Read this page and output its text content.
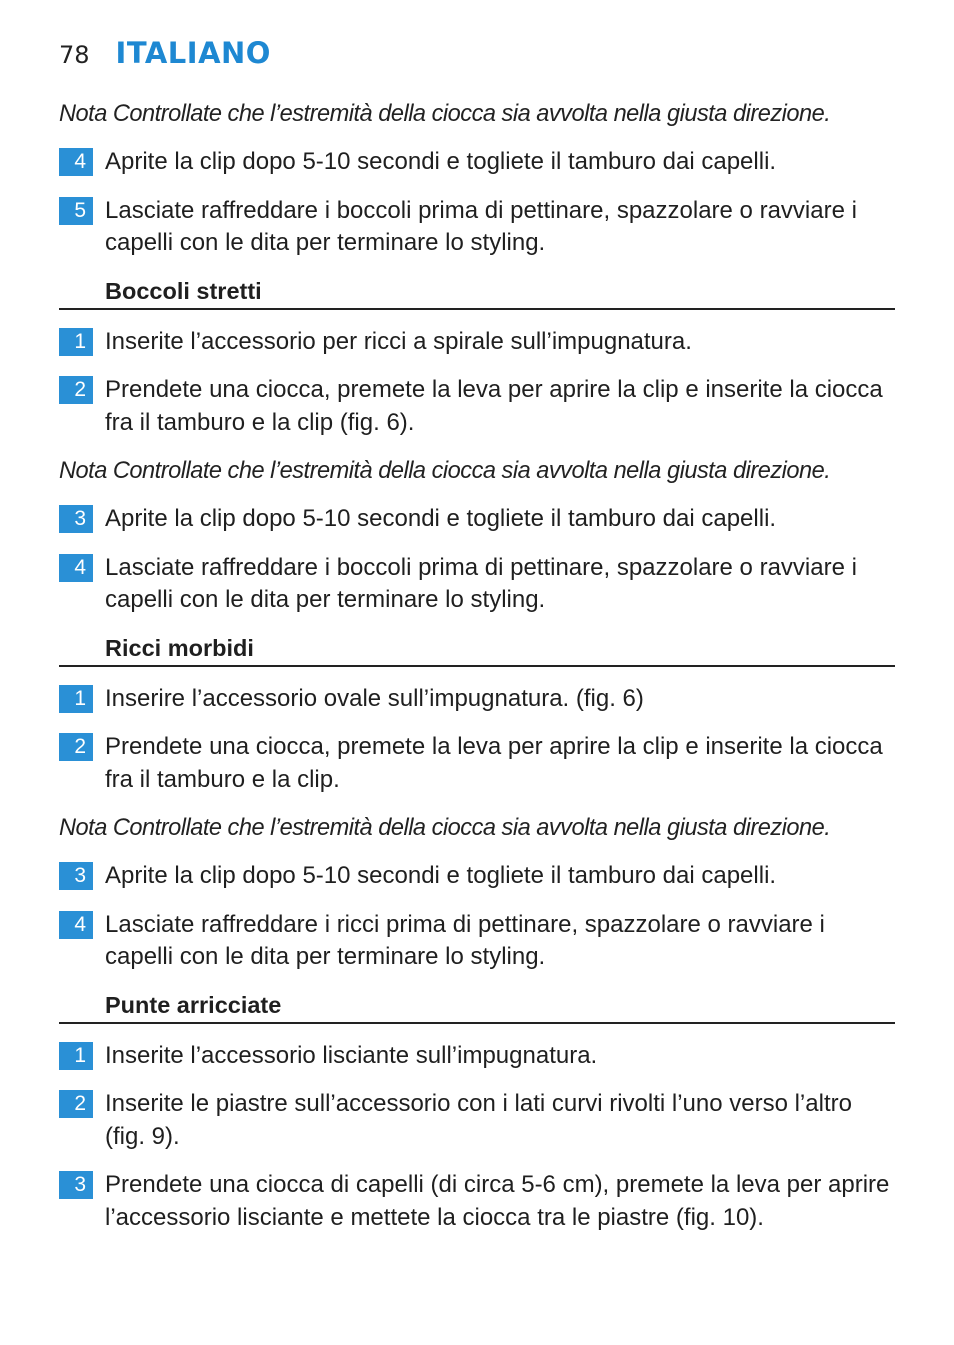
78 ITALIANO
Nota Controllate che l’estremità della ciocca sia avvolta nella giusta direzione.
4 Aprite la clip dopo 5-10 secondi e togliete il tamburo dai capelli.
5 Lasciate raffreddare i boccoli prima di pettinare, spazzolare o ravviare i capelli con le dita per terminare lo styling.
Boccoli stretti
1 Inserite l’accessorio per ricci a spirale sull’impugnatura.
2 Prendete una ciocca, premete la leva per aprire la clip e inserite la ciocca fra il tamburo e la clip (fig. 6).
Nota Controllate che l’estremità della ciocca sia avvolta nella giusta direzione.
3 Aprite la clip dopo 5-10 secondi e togliete il tamburo dai capelli.
4 Lasciate raffreddare i boccoli prima di pettinare, spazzolare o ravviare i capelli con le dita per terminare lo styling.
Ricci morbidi
1 Inserire l’accessorio ovale sull’impugnatura. (fig. 6)
2 Prendete una ciocca, premete la leva per aprire la clip e inserite la ciocca fra il tamburo e la clip.
Nota Controllate che l’estremità della ciocca sia avvolta nella giusta direzione.
3 Aprite la clip dopo 5-10 secondi e togliete il tamburo dai capelli.
4 Lasciate raffreddare i ricci prima di pettinare, spazzolare o ravviare i capelli con le dita per terminare lo styling.
Punte arricciate
1 Inserite l’accessorio lisciante sull’impugnatura.
2 Inserite le piastre sull’accessorio con i lati curvi rivolti l’uno verso l’altro (fig. 9).
3 Prendete una ciocca di capelli (di circa 5-6 cm), premete la leva per aprire l’accessorio lisciante e mettete la ciocca tra le piastre (fig. 10).
